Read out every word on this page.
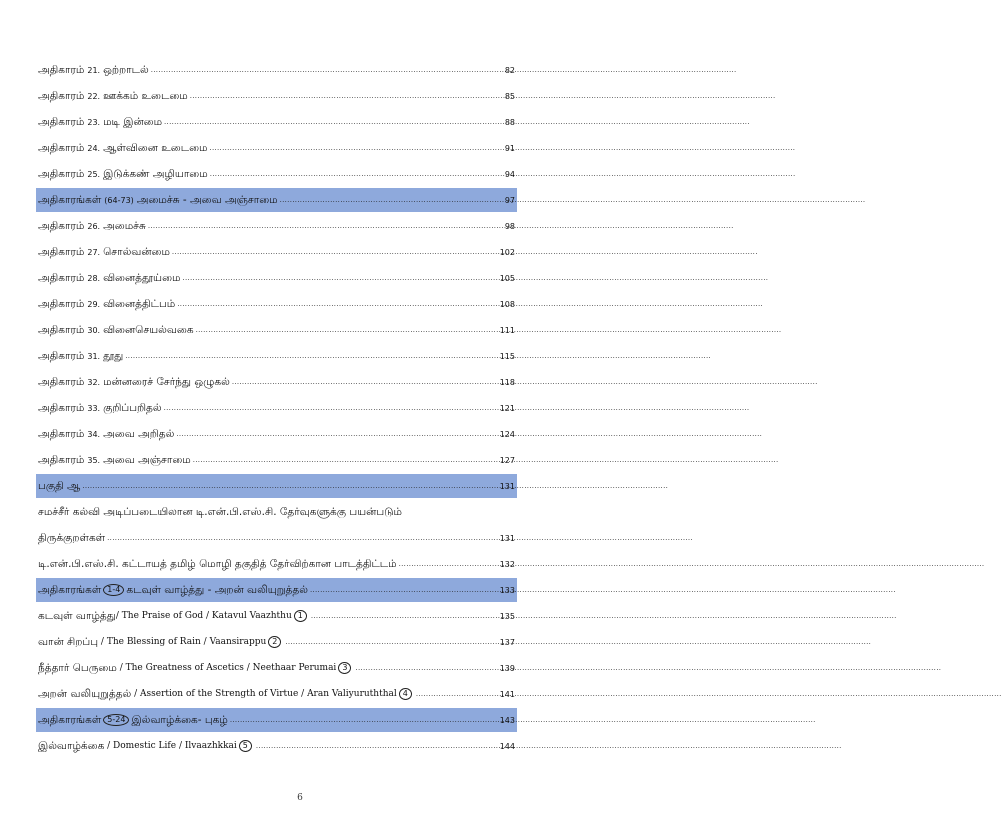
அதிகாரம் 21. ஒற்றாடல் .....	82
அதிகாரம் 22. ஊக்கம் உடைமை .....	85
அதிகாரம் 23. மடி இன்மை .....	88
அதிகாரம் 24. ஆள்வினை உடைமை .....	91
அதிகாரம் 25. இடுக்கண் அழியாமை .....	94
அதிகாரங்கள் (64-73) அமைச்சு - அவை அஞ்சாமை .....	97
அதிகாரம் 26. அமைச்சு .....	98
அதிகாரம் 27. சொல்வன்மை .....	102
அதிகாரம் 28. வினைத்தூய்மை .....	105
அதிகாரம் 29. வினைத்திட்பம் .....	108
அதிகாரம் 30. வினைசெயல்வகை .....	111
அதிகாரம் 31. தூது .....	115
அதிகாரம் 32. மன்னரைச் சேர்ந்து ஒழுகல் .....	118
அதிகாரம் 33. குறிப்பறிதல் .....	121
அதிகாரம் 34. அவை அறிதல் .....	124
அதிகாரம் 35. அவை அஞ்சாமை .....	127
பகுதி ஆ .....	131
சமச்சீர் கல்வி அடிப்படையிலான டி.என்.பி.எஸ்.சி. தேர்வுகளுக்கு பயன்படும்
திருக்குறள்கள் .....	131
டி.என்.பி.எஸ்.சி. கட்டாயத் தமிழ் மொழி தகுதித் தேர்விற்கான பாடத்திட்டம் .....	132
அதிகாரங்கள் 1-4 கடவுள் வாழ்த்து - அறன் வலியுறுத்தல் .....	133
கடவுள் வாழ்த்து / The Praise of God / Katavul Vaazhthu 1 .....	135
வான் சிறப்பு / The Blessing of Rain / Vaansirappu 2 .....	137
நீத்தார் பெருமை / The Greatness of Ascetics / Neethaar Perumai 3 .....	139
அறன் வலியுறுத்தல் / Assertion of the Strength of Virtue / Aran Valiyuruththal 4 .....	141
அதிகாரங்கள் 5-24 இல்வாழ்க்கை- புகழ் .....	143
இல்வாழ்க்கை / Domestic Life / Ilvaazhkkai 5 .....	144
6
